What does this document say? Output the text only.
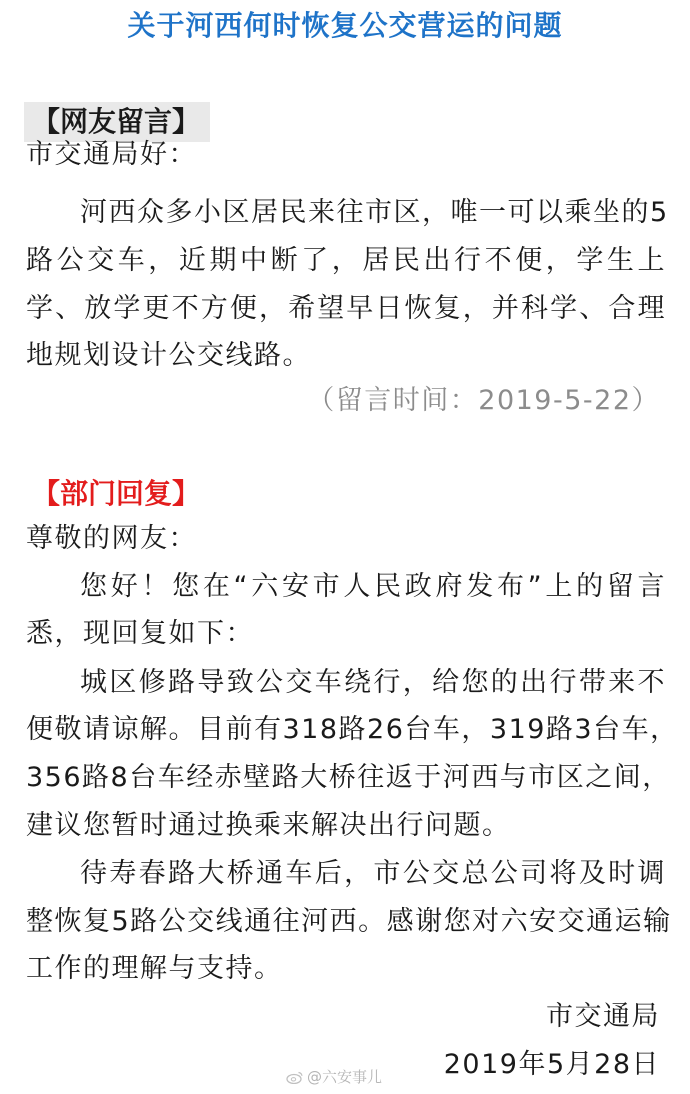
关于河西何时恢复公交营运的问题
【网友留言】
市交通局好：
河西众多小区居民来往市区，唯一可以乘坐的5
路公交车，近期中断了，居民出行不便，学生上
学、放学更不方便，希望早日恢复，并科学、合理
地规划设计公交线路。
（留言时间：2019-5-22）
【部门回复】
尊敬的网友：
您好！您在“六安市人民政府发布”上的留言
悉，现回复如下：
城区修路导致公交车绕行，给您的出行带来不
便敬请谅解。目前有318路26台车，319路3台车，
356路8台车经赤壁路大桥往返于河西与市区之间，
建议您暂时通过换乘来解决出行问题。
待寿春路大桥通车后，市公交总公司将及时调
整恢复5路公交线通往河西。感谢您对六安交通运输
工作的理解与支持。
市交通局
2019年5月28日
@六安事儿
